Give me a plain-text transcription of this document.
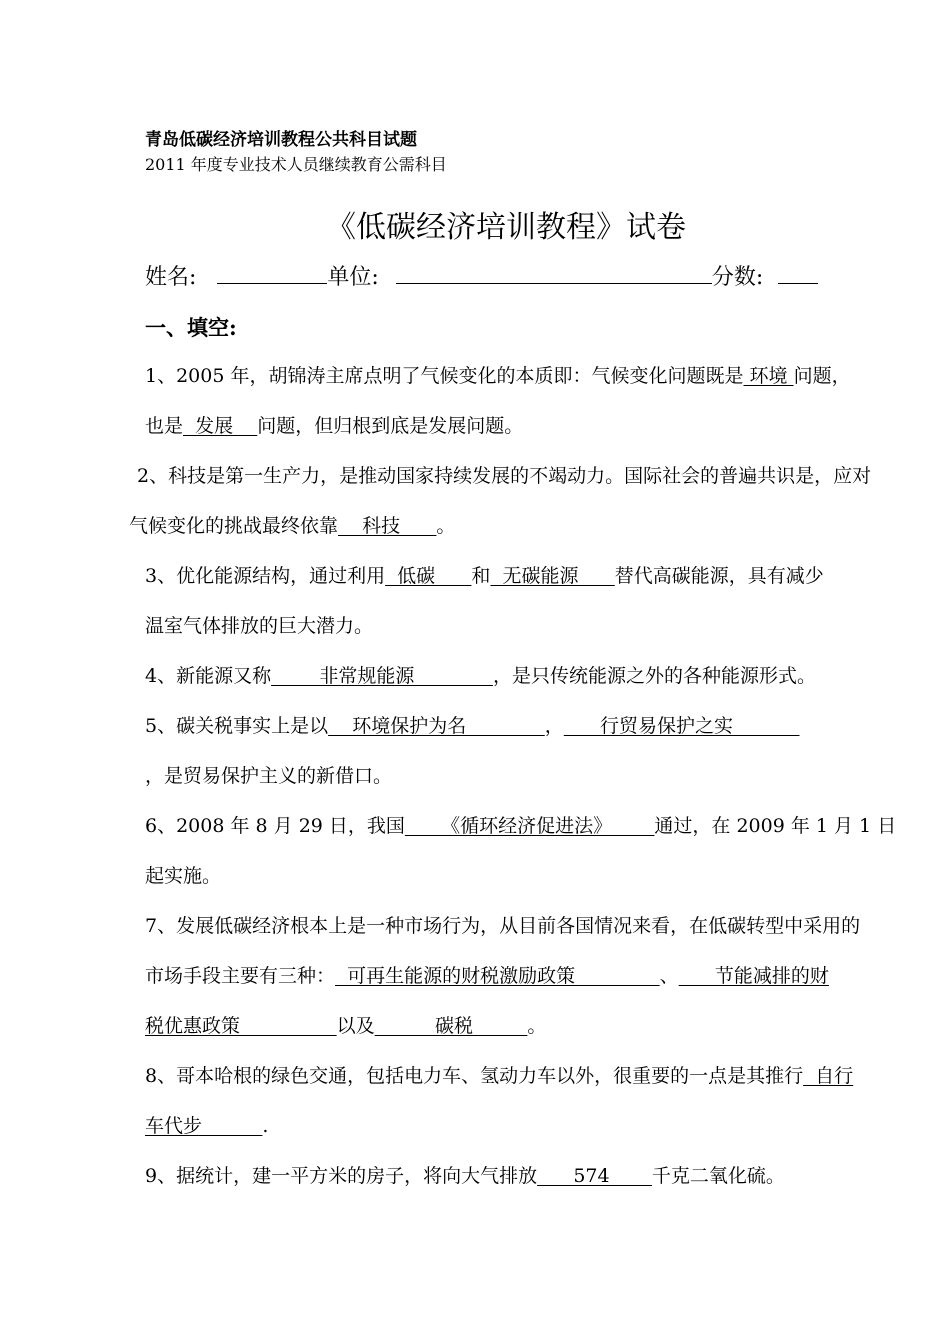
青岛低碳经济培训教程公共科目试题
2011 年度专业技术人员继续教育公需科目
《低碳经济培训教程》试卷
姓名:	单位:	分数:
一、填空:
1、2005 年，胡锦涛主席点明了气候变化的本质即：气候变化问题既是 环境 问题，
也是  发展    问题，但归根到底是发展问题。
2、科技是第一生产力，是推动国家持续发展的不竭动力。国际社会的普遍共识是，应对
气候变化的挑战最终依靠    科技      。
3、优化能源结构，通过利用  低碳      和  无碳能源      替代高碳能源，具有减少
温室气体排放的巨大潜力。
4、新能源又称        非常规能源             ，是只传统能源之外的各种能源形式。
5、碳关税事实上是以    环境保护为名             ，      行贸易保护之实
，是贸易保护主义的新借口。
6、2008 年 8 月 29 日，我国      《循环经济促进法》       通过，在 2009 年 1 月 1 日
起实施。
7、发展低碳经济根本上是一种市场行为，从目前各国情况来看，在低碳转型中采用的
市场手段主要有三种：  可再生能源的财税激励政策              、      节能减排的财
税优惠政策                以及          碳税         。
8、哥本哈根的绿色交通，包括电力车、氢动力车以外，很重要的一点是其推行  自行
车代步          .
9、据统计，建一平方米的房子，将向大气排放      574       千克二氧化硫。
